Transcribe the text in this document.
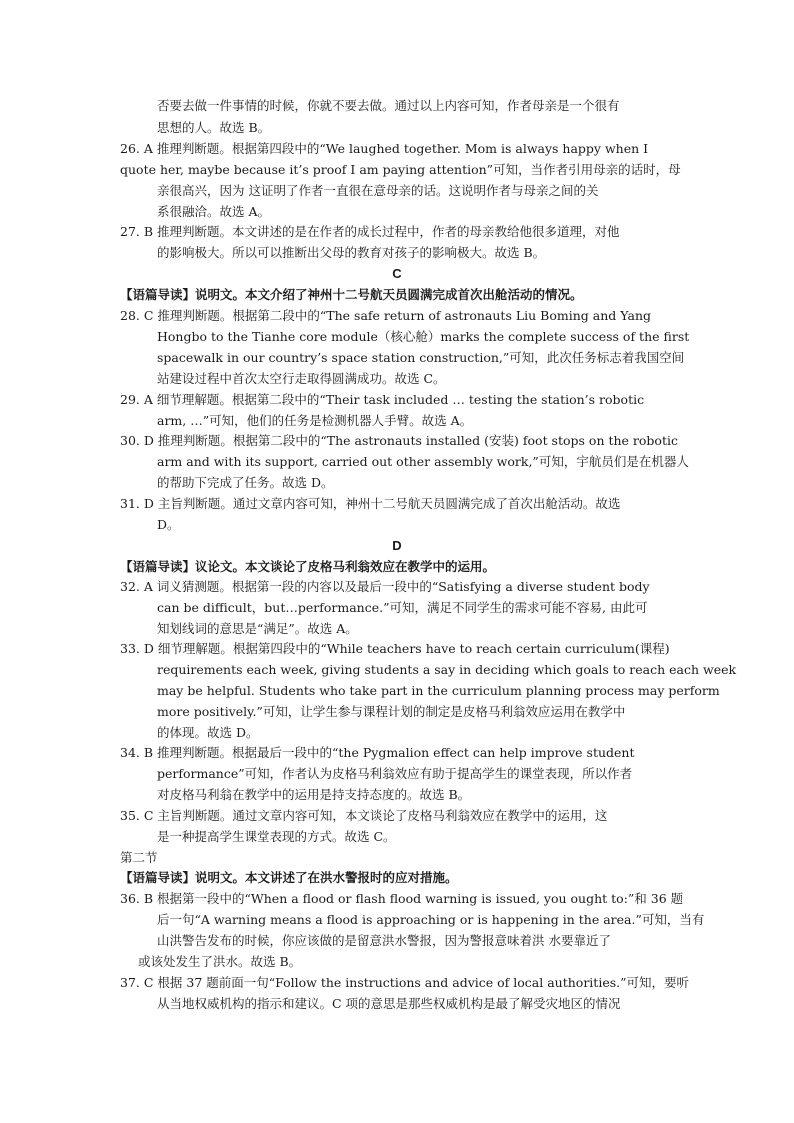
否要去做一件事情的时候，你就不要去做。通过以上内容可知，作者母亲是一个很有
思想的人。故选 B。
26. A 推理判断题。根据第四段中的“We laughed together. Mom is always happy when I
quote her, maybe because it’s proof I am paying attention”可知，当作者引用母亲的话时，母
亲很高兴，因为 这证明了作者一直很在意母亲的话。这说明作者与母亲之间的关
系很融洽。故选 A。
27. B 推理判断题。本文讲述的是在作者的成长过程中，作者的母亲教给他很多道理，对他
的影响极大。所以可以推断出父母的教育对孩子的影响极大。故选 B。
C
【语篇导读】说明文。本文介绍了神州十二号航天员圆满完成首次出舱活动的情况。
28. C 推理判断题。根据第二段中的“The safe return of astronauts Liu Boming and Yang
Hongbo to the Tianhe core module（核心舱）marks the complete success of the first
spacewalk in our country’s space station construction,”可知，此次任务标志着我国空间
站建设过程中首次太空行走取得圆满成功。故选 C。
29. A 细节理解题。根据第二段中的“Their task included … testing the station’s robotic
arm, …”可知，他们的任务是检测机器人手臂。故选 A。
30. D 推理判断题。根据第二段中的“The astronauts installed (安装) foot stops on the robotic
arm and with its support, carried out other assembly work,”可知，宇航员们是在机器人
的帮助下完成了任务。故选 D。
31. D 主旨判断题。通过文章内容可知，神州十二号航天员圆满完成了首次出舱活动。故选
D。
D
【语篇导读】议论文。本文谈论了皮格马利翁效应在教学中的运用。
32. A 词义猜测题。根据第一段的内容以及最后一段中的“Satisfying a diverse student body
can be difficult，but…performance.”可知，满足不同学生的需求可能不容易, 由此可
知划线词的意思是“满足”。故选 A。
33. D 细节理解题。根据第四段中的“While teachers have to reach certain curriculum(课程)
requirements each week, giving students a say in deciding which goals to reach each week
may be helpful. Students who take part in the curriculum planning process may perform
more positively.”可知，让学生参与课程计划的制定是皮格马利翁效应运用在教学中
的体现。故选 D。
34. B 推理判断题。根据最后一段中的“the Pygmalion effect can help improve student
performance”可知，作者认为皮格马利翁效应有助于提高学生的课堂表现，所以作者
对皮格马利翁在教学中的运用是持支持态度的。故选 B。
35. C 主旨判断题。通过文章内容可知，本文谈论了皮格马利翁效应在教学中的运用，这
是一种提高学生课堂表现的方式。故选 C。
第二节
【语篇导读】说明文。本文讲述了在洪水警报时的应对措施。
36. B 根据第一段中的“When a flood or flash flood warning is issued, you ought to:”和 36 题
后一句“A warning means a flood is approaching or is happening in the area.”可知，当有
山洪警告发布的时候，你应该做的是留意洪水警报，因为警报意味着洪 水要靠近了
或该处发生了洪水。故选 B。
37. C 根据 37 题前面一句“Follow the instructions and advice of local authorities.”可知，要听
从当地权威机构的指示和建议。C 项的意思是那些权威机构是最了解受灾地区的情况
